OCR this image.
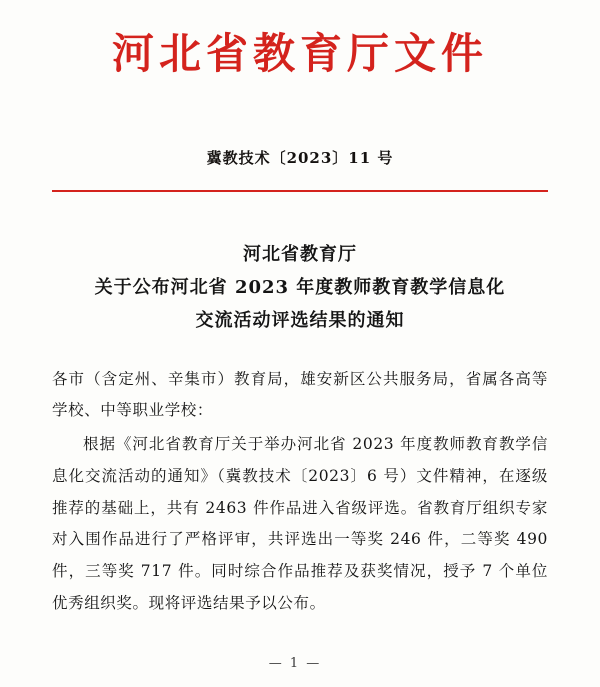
河北省教育厅文件
冀教技术〔2023〕11 号
河北省教育厅
关于公布河北省 2023 年度教师教育教学信息化
交流活动评选结果的通知

各市（含定州、辛集市）教育局，雄安新区公共服务局，省属各高等学校、中等职业学校：

根据《河北省教育厅关于举办河北省 2023 年度教师教育教学信息化交流活动的通知》（冀教技术〔2023〕6 号）文件精神，在逐级推荐的基础上，共有 2463 件作品进入省级评选。省教育厅组织专家对入围作品进行了严格评审，共评选出一等奖 246 件，二等奖 490 件，三等奖 717 件。同时综合作品推荐及获奖情况，授予 7 个单位优秀组织奖。现将评选结果予以公布。

— 1 —
